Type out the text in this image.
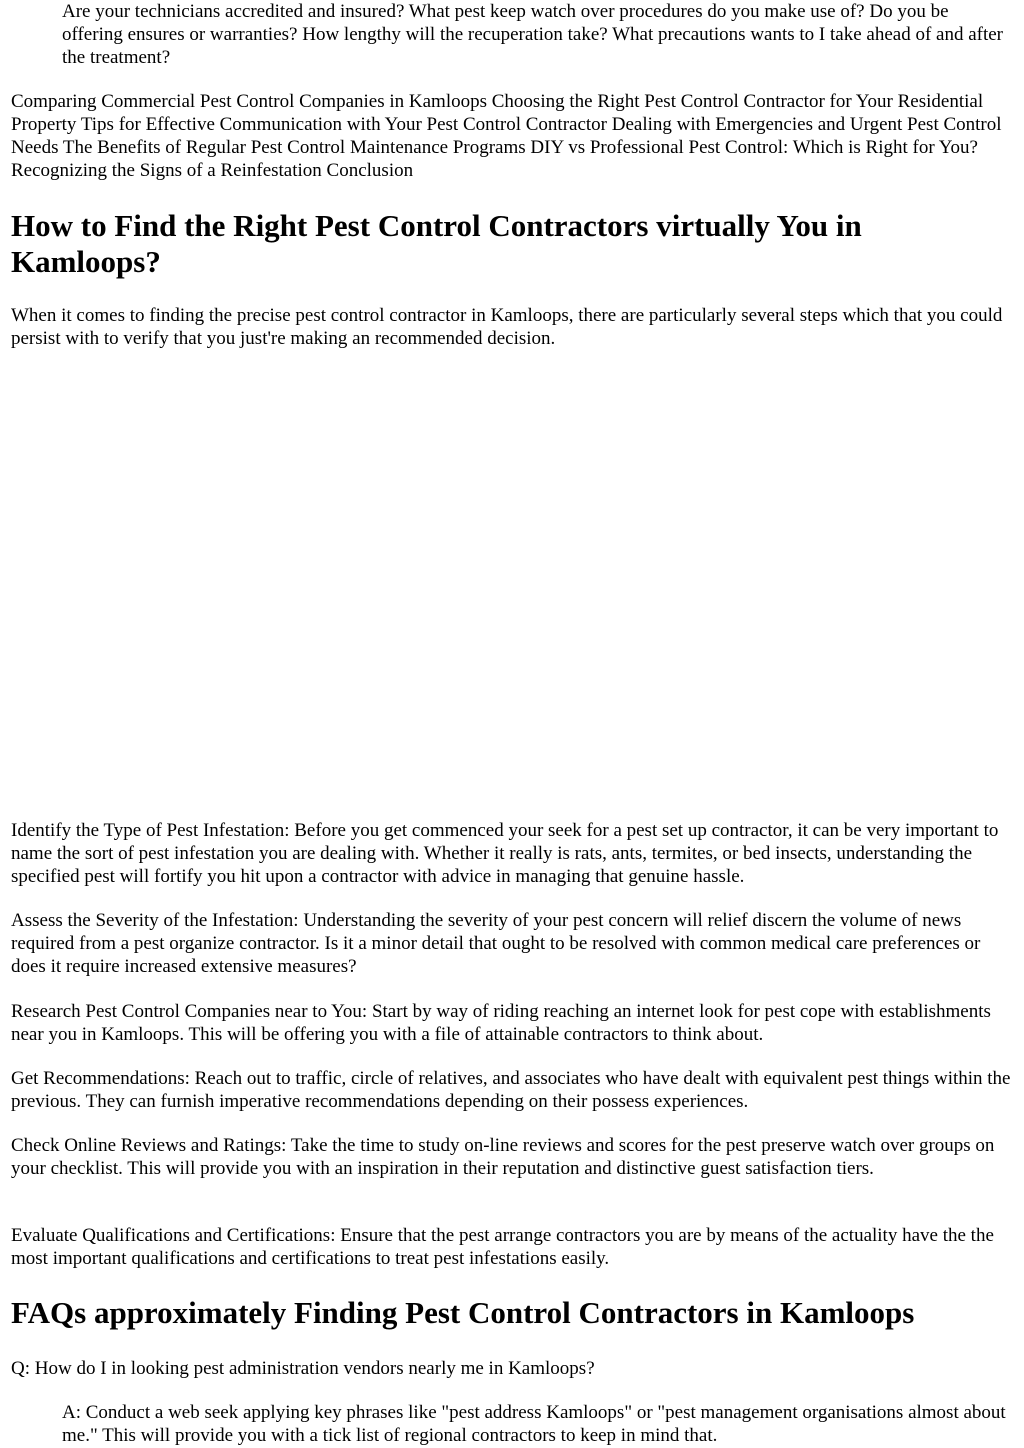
Are your technicians accredited and insured? What pest keep watch over procedures do you make use of? Do you be offering ensures or warranties? How lengthy will the recuperation take? What precautions wants to I take ahead of and after the treatment?

Comparing Commercial Pest Control Companies in Kamloops Choosing the Right Pest Control Contractor for Your Residential Property Tips for Effective Communication with Your Pest Control Contractor Dealing with Emergencies and Urgent Pest Control Needs The Benefits of Regular Pest Control Maintenance Programs DIY vs Professional Pest Control: Which is Right for You? Recognizing the Signs of a Reinfestation Conclusion

How to Find the Right Pest Control Contractors virtually You in Kamloops?

When it comes to finding the precise pest control contractor in Kamloops, there are particularly several steps which that you could persist with to verify that you just're making an recommended decision.

Identify the Type of Pest Infestation: Before you get commenced your seek for a pest set up contractor, it can be very important to name the sort of pest infestation you are dealing with. Whether it really is rats, ants, termites, or bed insects, understanding the specified pest will fortify you hit upon a contractor with advice in managing that genuine hassle.

Assess the Severity of the Infestation: Understanding the severity of your pest concern will relief discern the volume of news required from a pest organize contractor. Is it a minor detail that ought to be resolved with common medical care preferences or does it require increased extensive measures?

Research Pest Control Companies near to You: Start by way of riding reaching an internet look for pest cope with establishments near you in Kamloops. This will be offering you with a file of attainable contractors to think about.

Get Recommendations: Reach out to traffic, circle of relatives, and associates who have dealt with equivalent pest things within the previous. They can furnish imperative recommendations depending on their possess experiences.

Check Online Reviews and Ratings: Take the time to study on-line reviews and scores for the pest preserve watch over groups on your checklist. This will provide you with an inspiration in their reputation and distinctive guest satisfaction tiers.

Evaluate Qualifications and Certifications: Ensure that the pest arrange contractors you are by means of the actuality have the the most important qualifications and certifications to treat pest infestations easily.

FAQs approximately Finding Pest Control Contractors in Kamloops

Q: How do I in looking pest administration vendors nearly me in Kamloops?

A: Conduct a web seek applying key phrases like "pest address Kamloops" or "pest management organisations almost about me." This will provide you with a tick list of regional contractors to keep in mind that.
